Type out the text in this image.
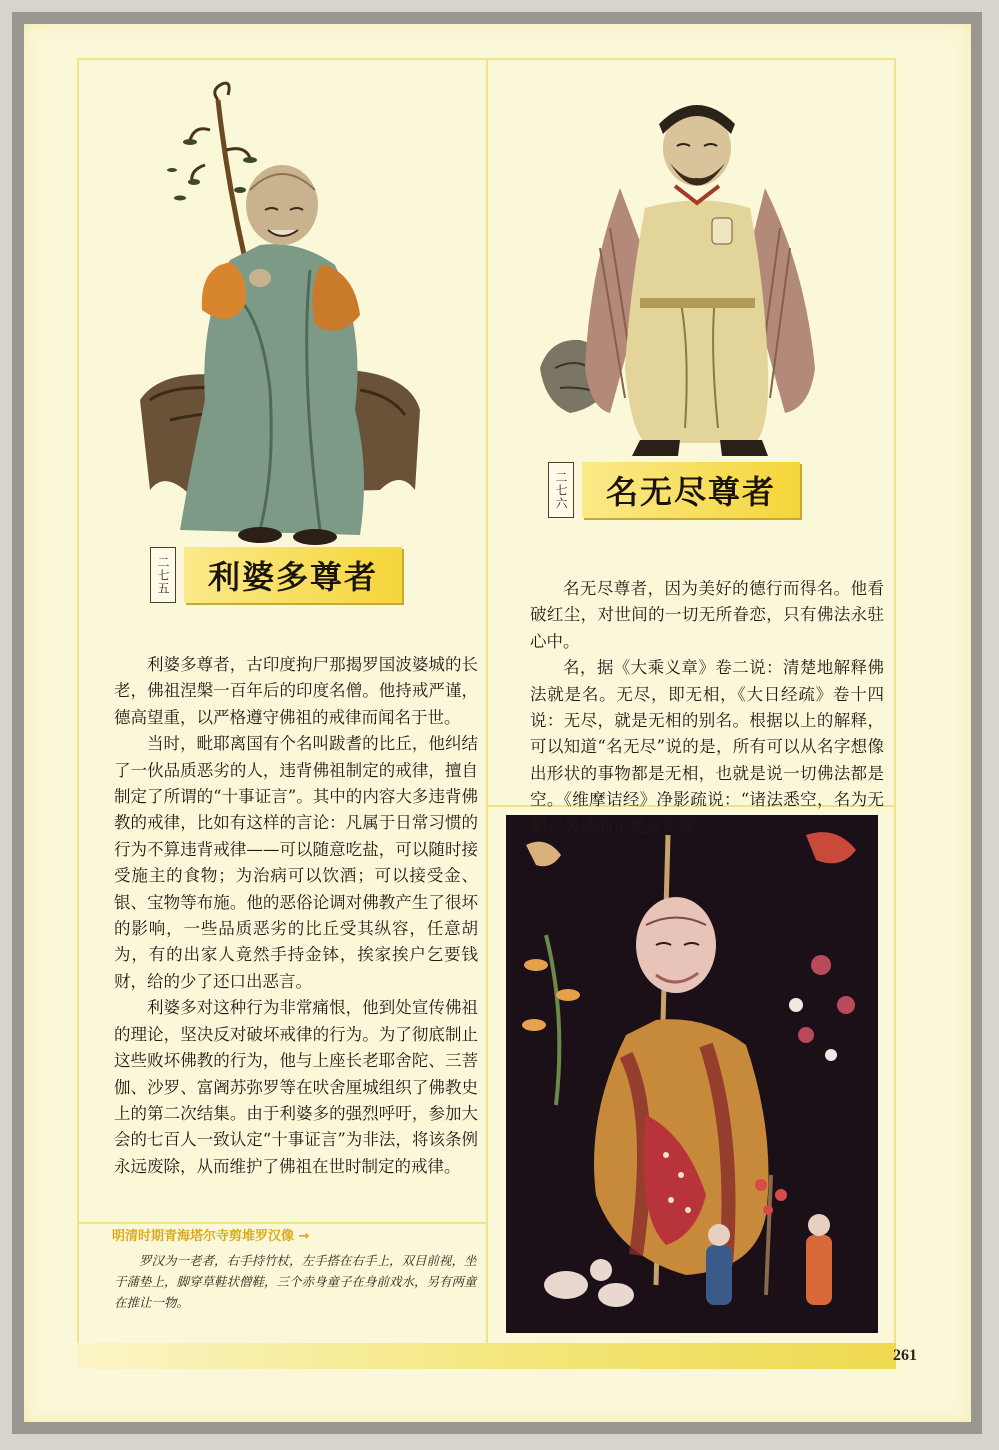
二七五	利婆多尊者
二七六	名无尽尊者

利婆多尊者，古印度拘尸那揭罗国波婆城的长老，佛祖涅槃一百年后的印度名僧。他持戒严谨，德高望重，以严格遵守佛祖的戒律而闻名于世。

当时，毗耶离国有个名叫跋耆的比丘，他纠结了一伙品质恶劣的人，违背佛祖制定的戒律，擅自制定了所谓的“十事证言”。其中的内容大多违背佛教的戒律，比如有这样的言论：凡属于日常习惯的行为不算违背戒律——可以随意吃盐，可以随时接受施主的食物；为治病可以饮酒；可以接受金、银、宝物等布施。他的恶俗论调对佛教产生了很坏的影响，一些品质恶劣的比丘受其纵容，任意胡为，有的出家人竟然手持金钵，挨家挨户乞要钱财，给的少了还口出恶言。

利婆多对这种行为非常痛恨，他到处宣传佛祖的理论，坚决反对破坏戒律的行为。为了彻底制止这些败坏佛教的行为，他与上座长老耶舍陀、三菩伽、沙罗、富阇苏弥罗等在吠舍厘城组织了佛教史上的第二次结集。由于利婆多的强烈呼吁，参加大会的七百人一致认定“十事证言”为非法，将该条例永远废除，从而维护了佛祖在世时制定的戒律。

名无尽尊者，因为美好的德行而得名。他看破红尘，对世间的一切无所眷恋，只有佛法永驻心中。

名，据《大乘义章》卷二说：清楚地解释佛法就是名。无尽，即无相，《大日经疏》卷十四说：无尽，就是无相的别名。根据以上的解释，可以知道“名无尽”说的是，所有可以从名字想像出形状的事物都是无相，也就是说一切佛法都是空。《维摩诘经》净影疏说：“诸法悉空，名为无相。”表达的正是这个意

明清时期青海塔尔寺剪堆罗汉像 →

罗汉为一老者，右手持竹杖，左手搭在右手上，双目前视，坐于蒲垫上，脚穿草鞋状僧鞋，三个赤身童子在身前戏水，另有两童在推让一物。

261
